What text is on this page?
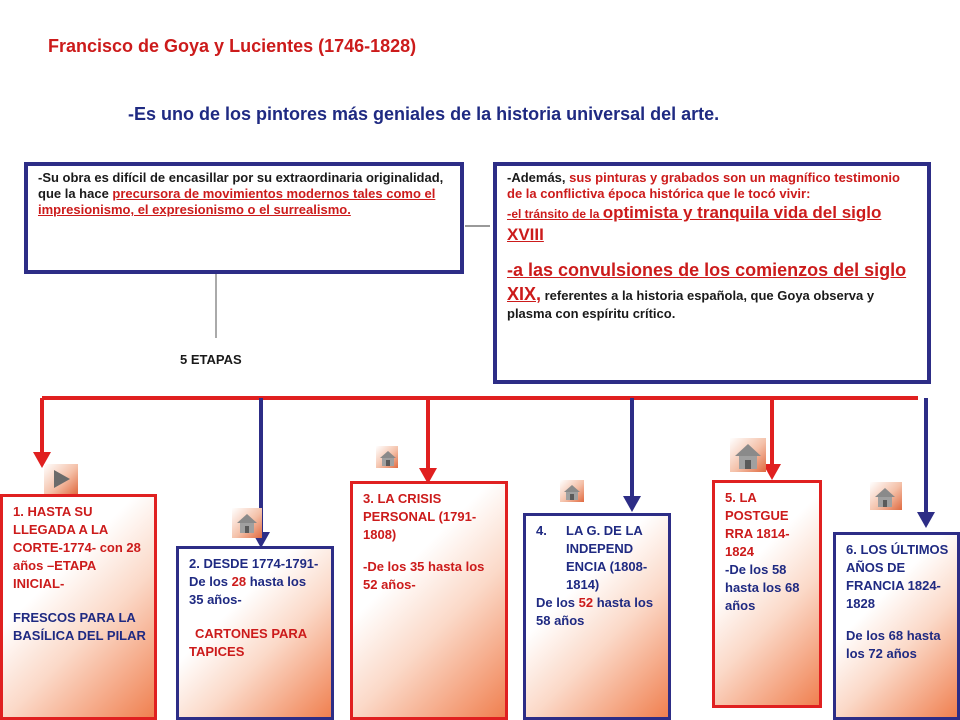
Francisco de Goya y Lucientes (1746-1828)
-Es uno de los pintores más geniales de la historia universal del arte.
-Su obra es difícil de encasillar por su extraordinaria originalidad, que la hace precursora de movimientos modernos tales como el impresionismo, el expresionismo o el surrealismo.
-Además, sus pinturas y grabados son un magnífico testimonio de la conflictiva época histórica que le tocó vivir:
-el tránsito de la optimista y tranquila vida del siglo XVIII

-a las convulsiones de los comienzos del siglo XIX, referentes a la historia española, que Goya observa y plasma con espíritu crítico.
5 ETAPAS
1. HASTA SU LLEGADA A LA CORTE-1774- con 28 años –ETAPA INICIAL-
FRESCOS PARA LA BASÍLICA DEL PILAR
2. DESDE 1774-1791-
De los 28 hasta los 35 años-
CARTONES PARA TAPICES
3. LA CRISIS PERSONAL (1791-1808)
-De los 35 hasta los 52 años-
4.	LA G. DE LA INDEPEND ENCIA (1808-1814)
De los 52 hasta los 58 años
5. LA POSTGUE RRA 1814-1824
-De los 58 hasta los 68 años
6. LOS ÚLTIMOS AÑOS DE FRANCIA 1824-1828
De los 68 hasta los 72 años
